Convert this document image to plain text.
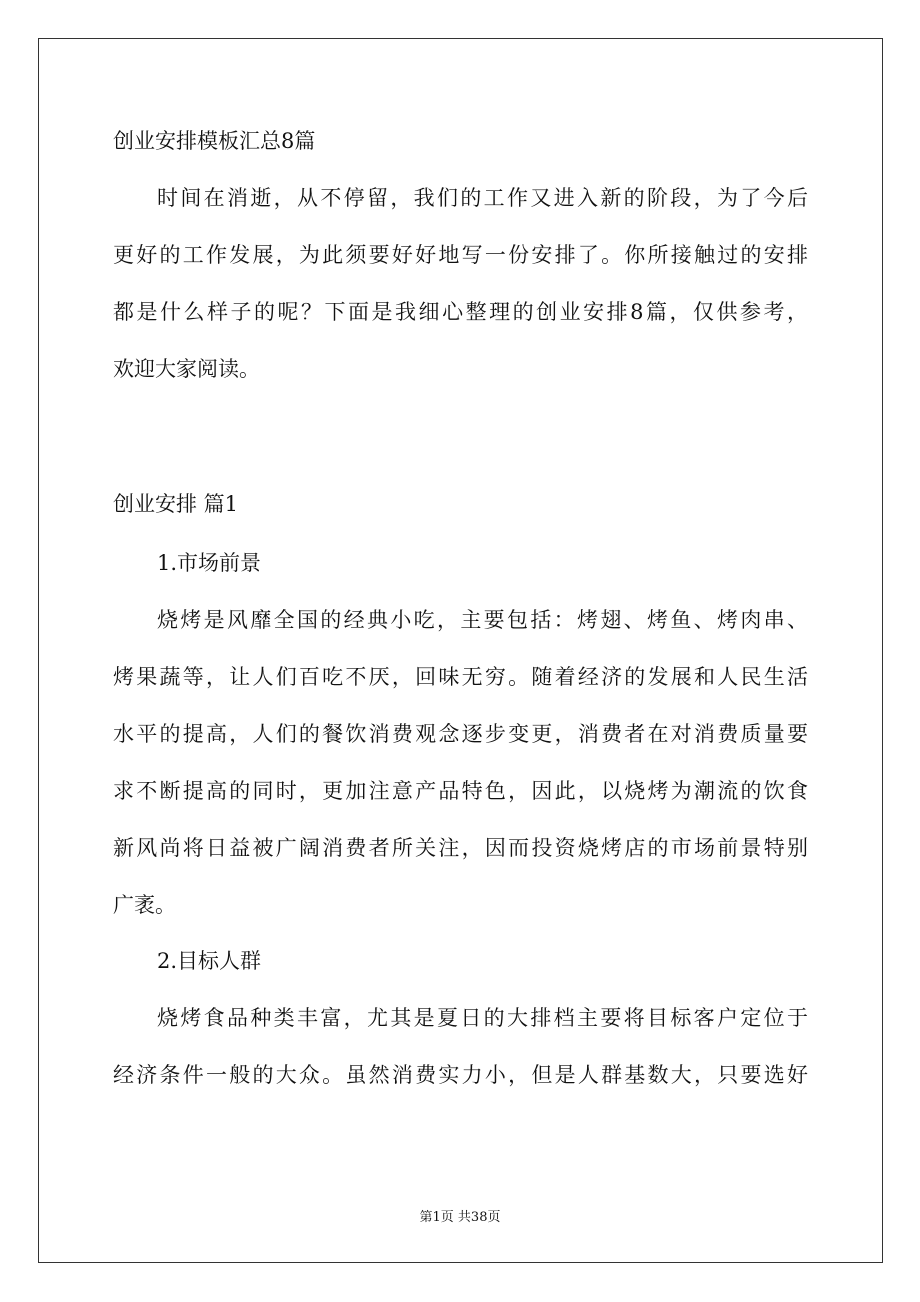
创业安排模板汇总8篇
时间在消逝，从不停留，我们的工作又进入新的阶段，为了今后
更好的工作发展，为此须要好好地写一份安排了。你所接触过的安排
都是什么样子的呢？下面是我细心整理的创业安排8篇，仅供参考，
欢迎大家阅读。
创业安排 篇1
1.市场前景
烧烤是风靡全国的经典小吃，主要包括：烤翅、烤鱼、烤肉串、
烤果蔬等，让人们百吃不厌，回味无穷。随着经济的发展和人民生活
水平的提高，人们的餐饮消费观念逐步变更，消费者在对消费质量要
求不断提高的同时，更加注意产品特色，因此，以烧烤为潮流的饮食
新风尚将日益被广阔消费者所关注，因而投资烧烤店的市场前景特别
广袤。
2.目标人群
烧烤食品种类丰富，尤其是夏日的大排档主要将目标客户定位于
经济条件一般的大众。虽然消费实力小，但是人群基数大，只要选好
第1页 共38页
